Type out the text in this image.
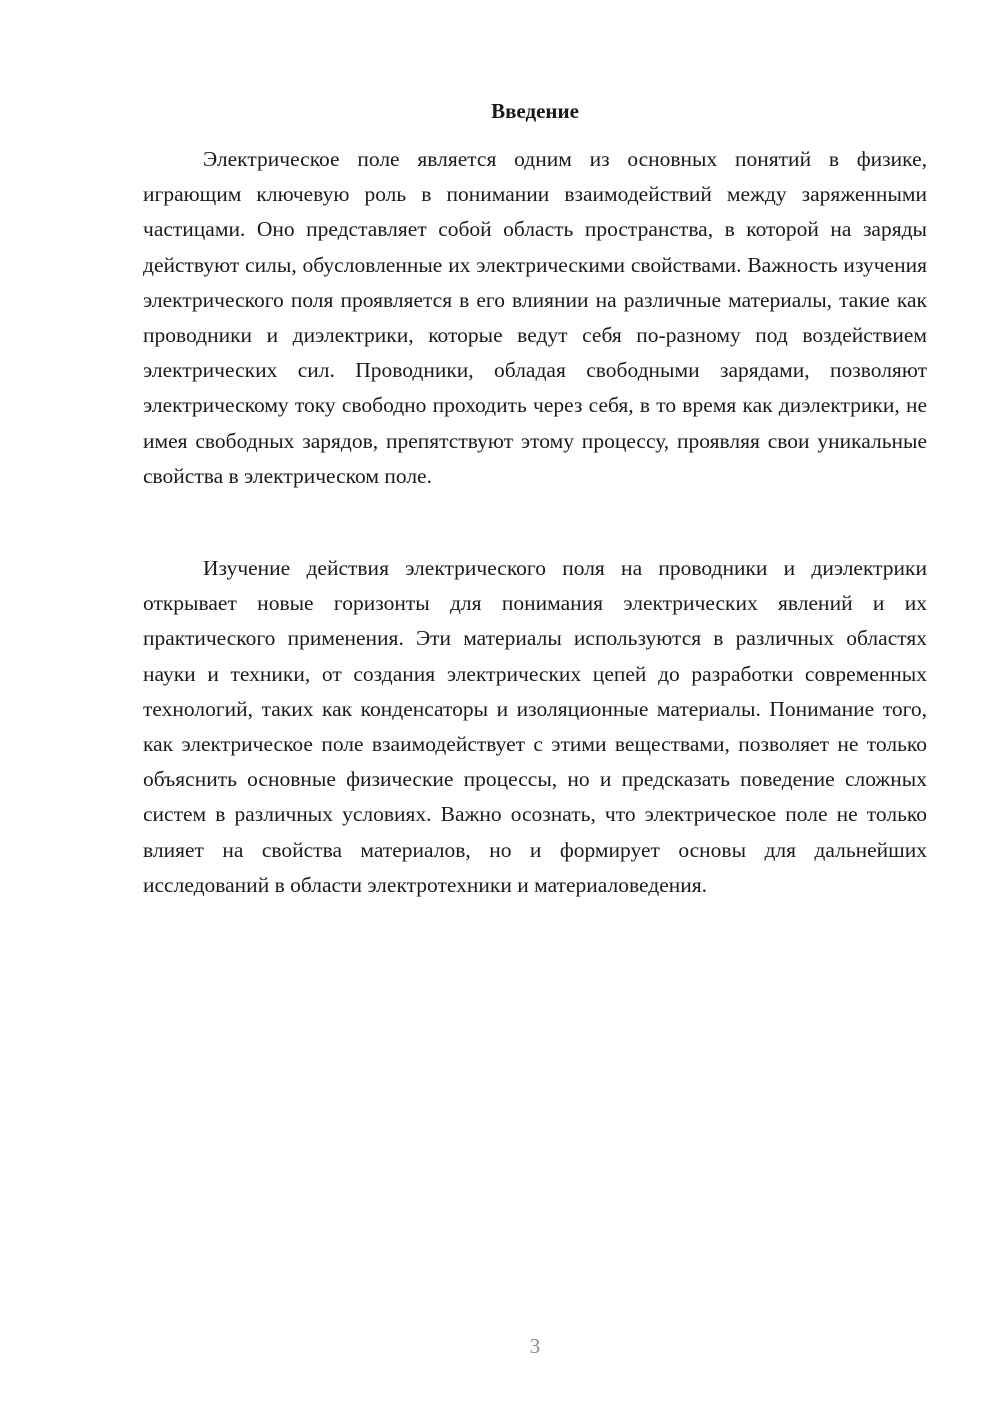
Введение

Электрическое поле является одним из основных понятий в физике, играющим ключевую роль в понимании взаимодействий между заряженными частицами. Оно представляет собой область пространства, в которой на заряды действуют силы, обусловленные их электрическими свойствами. Важность изучения электрического поля проявляется в его влиянии на различные материалы, такие как проводники и диэлектрики, которые ведут себя по-разному под воздействием электрических сил. Проводники, обладая свободными зарядами, позволяют электрическому току свободно проходить через себя, в то время как диэлектрики, не имея свободных зарядов, препятствуют этому процессу, проявляя свои уникальные свойства в электрическом поле.

Изучение действия электрического поля на проводники и диэлектрики открывает новые горизонты для понимания электрических явлений и их практического применения. Эти материалы используются в различных областях науки и техники, от создания электрических цепей до разработки современных технологий, таких как конденсаторы и изоляционные материалы. Понимание того, как электрическое поле взаимодействует с этими веществами, позволяет не только объяснить основные физические процессы, но и предсказать поведение сложных систем в различных условиях. Важно осознать, что электрическое поле не только влияет на свойства материалов, но и формирует основы для дальнейших исследований в области электротехники и материаловедения.

3
